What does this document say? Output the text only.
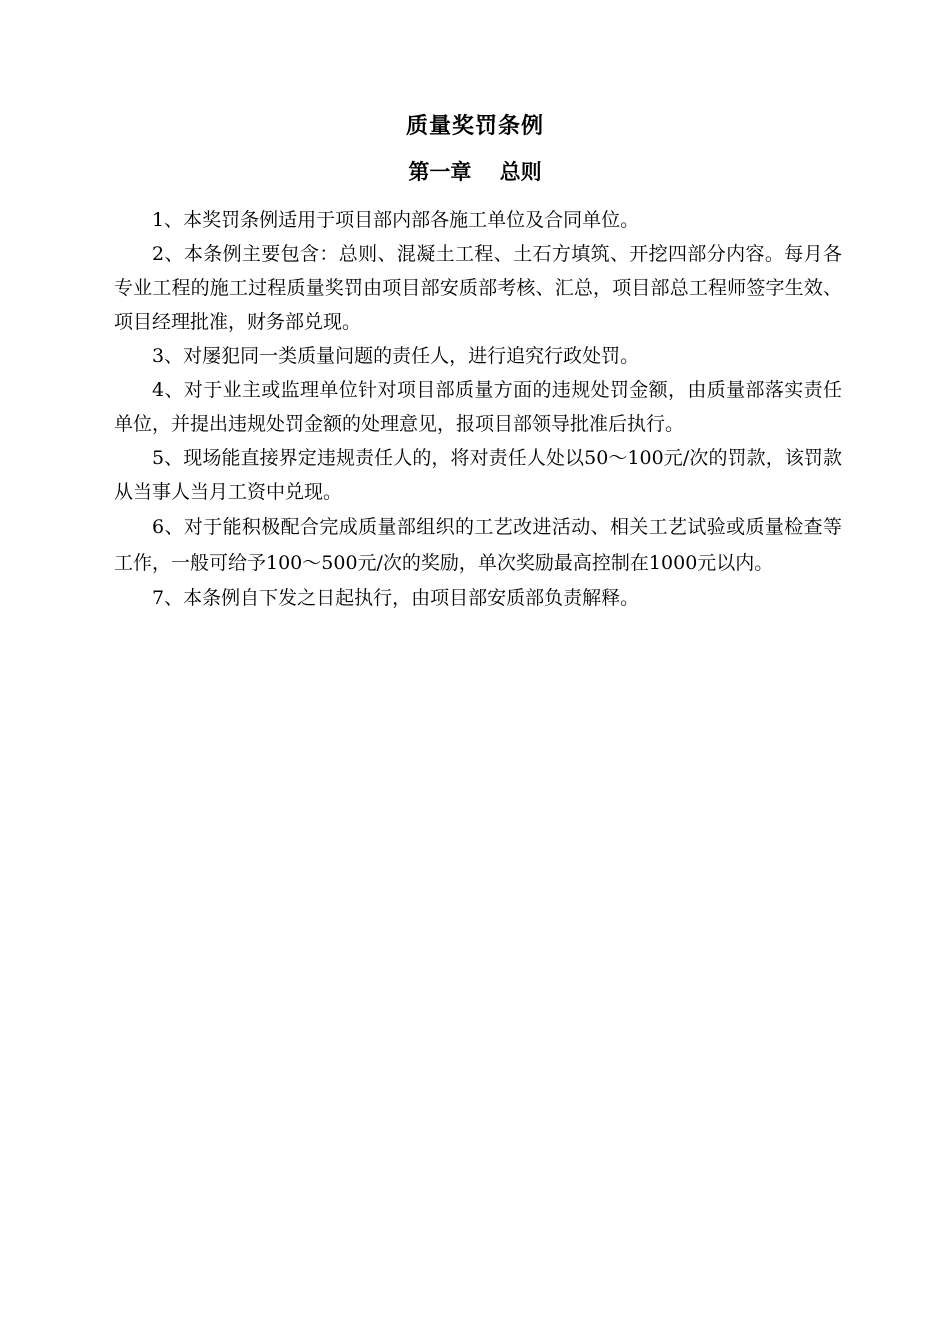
质量奖罚条例
第一章　 总则

1、本奖罚条例适用于项目部内部各施工单位及合同单位。

2、本条例主要包含：总则、混凝土工程、土石方填筑、开挖四部分内容。每月各专业工程的施工过程质量奖罚由项目部安质部考核、汇总，项目部总工程师签字生效、项目经理批准，财务部兑现。

3、对屡犯同一类质量问题的责任人，进行追究行政处罚。

4、对于业主或监理单位针对项目部质量方面的违规处罚金额，由质量部落实责任单位，并提出违规处罚金额的处理意见，报项目部领导批准后执行。

5、现场能直接界定违规责任人的，将对责任人处以50～100元/次的罚款，该罚款从当事人当月工资中兑现。

6、对于能积极配合完成质量部组织的工艺改进活动、相关工艺试验或质量检查等工作，一般可给予100～500元/次的奖励，单次奖励最高控制在1000元以内。

7、本条例自下发之日起执行，由项目部安质部负责解释。
